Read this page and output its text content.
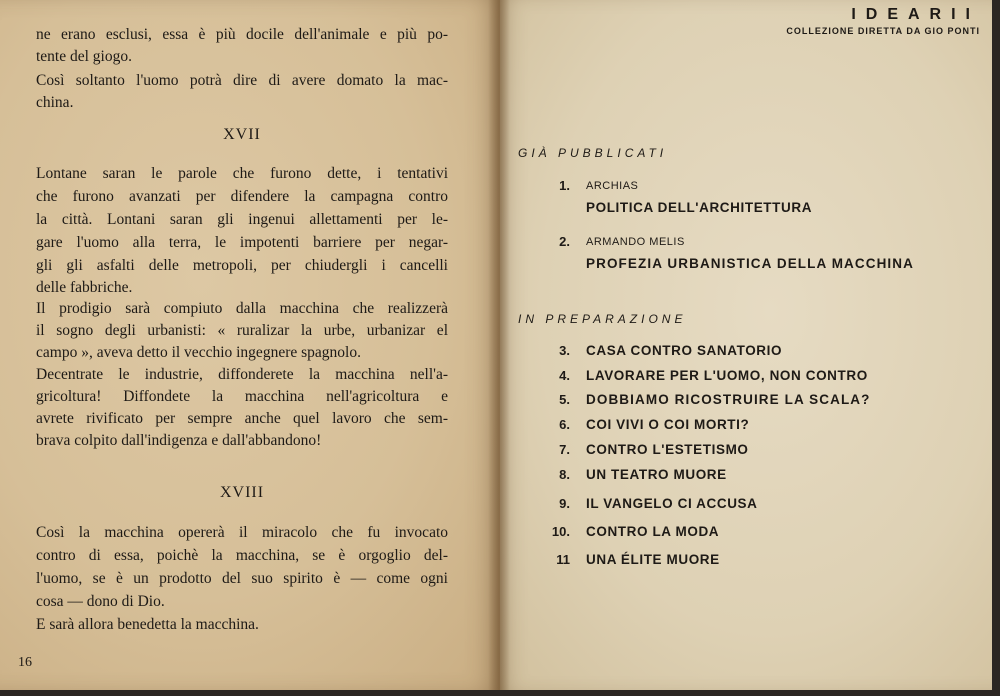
ne erano esclusi, essa è più docile dell'animale e più po-
tente del giogo.
Così soltanto l'uomo potrà dire di avere domato la mac-
china.
XVII
Lontane saran le parole che furono dette, i tentativi
che furono avanzati per difendere la campagna contro
la città. Lontani saran gli ingenui allettamenti per le-
gare l'uomo alla terra, le impotenti barriere per negar-
gli gli asfalti delle metropoli, per chiudergli i cancelli
delle fabbriche.
Il prodigio sarà compiuto dalla macchina che realizzerà
il sogno degli urbanisti: « ruralizar la urbe, urbanizar el
campo », aveva detto il vecchio ingegnere spagnolo.
Decentrate le industrie, diffonderete la macchina nell'a-
gricoltura! Diffondete la macchina nell'agricoltura e
avrete rivificato per sempre anche quel lavoro che sem-
brava colpito dall'indigenza e dall'abbandono!
XVIII
Così la macchina opererà il miracolo che fu invocato
contro di essa, poichè la macchina, se è orgoglio del-
l'uomo, se è un prodotto del suo spirito è — come ogni
cosa — dono di Dio.
E sarà allora benedetta la macchina.
16
IDEARII
COLLEZIONE DIRETTA DA GIO PONTI
GIÀ PUBBLICATI
1. ARCHIAS
POLITICA DELL'ARCHITETTURA
2. ARMANDO MELIS
PROFEZIA URBANISTICA DELLA MACCHINA
IN PREPARAZIONE
3. CASA CONTRO SANATORIO
4. LAVORARE PER L'UOMO, NON CONTRO
5. DOBBIAMO RICOSTRUIRE LA SCALA?
6. COI VIVI O COI MORTI?
7. CONTRO L'ESTETISMO
8. UN TEATRO MUORE
9. IL VANGELO CI ACCUSA
10. CONTRO LA MODA
11 UNA ÉLITE MUORE
